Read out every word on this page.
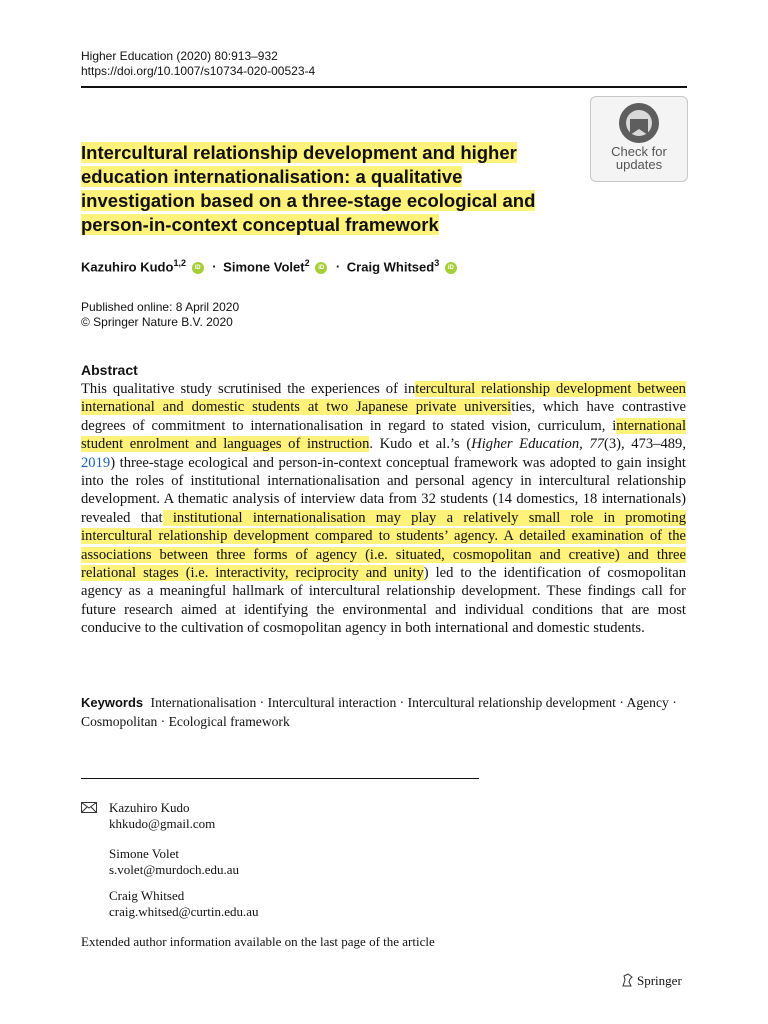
Higher Education (2020) 80:913–932
https://doi.org/10.1007/s10734-020-00523-4
Check for
updates
Intercultural relationship development and higher education internationalisation: a qualitative investigation based on a three-stage ecological and person-in-context conceptual framework
Kazuhiro Kudo$^{1,2}$ iD · Simone Volet$^2$ iD · Craig Whitsed$^3$ iD
Published online: 8 April 2020
© Springer Nature B.V. 2020
Abstract

This qualitative study scrutinised the experiences of intercultural relationship development between international and domestic students at two Japanese private universities, which have contrastive degrees of commitment to internationalisation in regard to stated vision, curriculum, international student enrolment and languages of instruction. Kudo et al.’s (Higher Education, 77(3), 473–489, 2019) three-stage ecological and person-in-context conceptual framework was adopted to gain insight into the roles of institutional internationalisation and personal agency in intercultural relationship development. A thematic analysis of interview data from 32 students (14 domestics, 18 internationals) revealed that institutional internationalisation may play a relatively small role in promoting intercultural relationship development compared to students’ agency. A detailed examination of the associations between three forms of agency (i.e. situated, cosmopolitan and creative) and three relational stages (i.e. interactivity, reciprocity and unity) led to the identification of cosmopolitan agency as a meaningful hallmark of intercultural relationship development. These findings call for future research aimed at identifying the environmental and individual conditions that are most conducive to the cultivation of cosmopolitan agency in both international and domestic students.

Keywords Internationalisation · Intercultural interaction · Intercultural relationship development · Agency · Cosmopolitan · Ecological framework
Kazuhiro Kudo
khkudo@gmail.com
Simone Volet
s.volet@murdoch.edu.au
Craig Whitsed
craig.whitsed@curtin.edu.au
Extended author information available on the last page of the article
Springer
